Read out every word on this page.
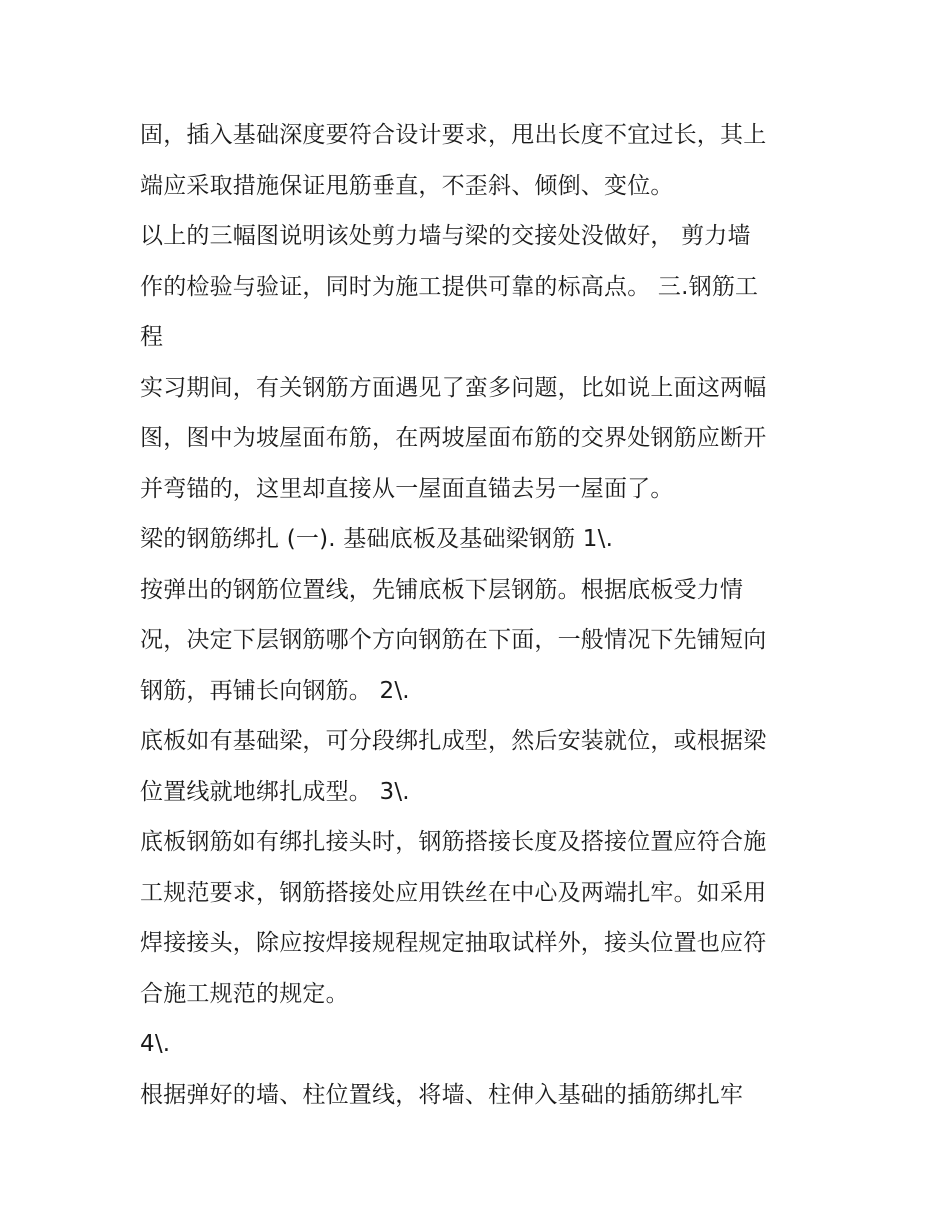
固，插入基础深度要符合设计要求，甩出长度不宜过长，其上
端应采取措施保证甩筋垂直，不歪斜、倾倒、变位。
以上的三幅图说明该处剪力墙与梁的交接处没做好， 剪力墙
作的检验与验证，同时为施工提供可靠的标高点。 三.钢筋工
程
实习期间，有关钢筋方面遇见了蛮多问题，比如说上面这两幅
图，图中为坡屋面布筋，在两坡屋面布筋的交界处钢筋应断开
并弯锚的，这里却直接从一屋面直锚去另一屋面了。
梁的钢筋绑扎 (一). 基础底板及基础梁钢筋 1\.
按弹出的钢筋位置线，先铺底板下层钢筋。根据底板受力情
况，决定下层钢筋哪个方向钢筋在下面，一般情况下先铺短向
钢筋，再铺长向钢筋。 2\.
底板如有基础梁，可分段绑扎成型，然后安装就位，或根据梁
位置线就地绑扎成型。 3\.
底板钢筋如有绑扎接头时，钢筋搭接长度及搭接位置应符合施
工规范要求，钢筋搭接处应用铁丝在中心及两端扎牢。如采用
焊接接头，除应按焊接规程规定抽取试样外，接头位置也应符
合施工规范的规定。
4\.
根据弹好的墙、柱位置线，将墙、柱伸入基础的插筋绑扎牢
